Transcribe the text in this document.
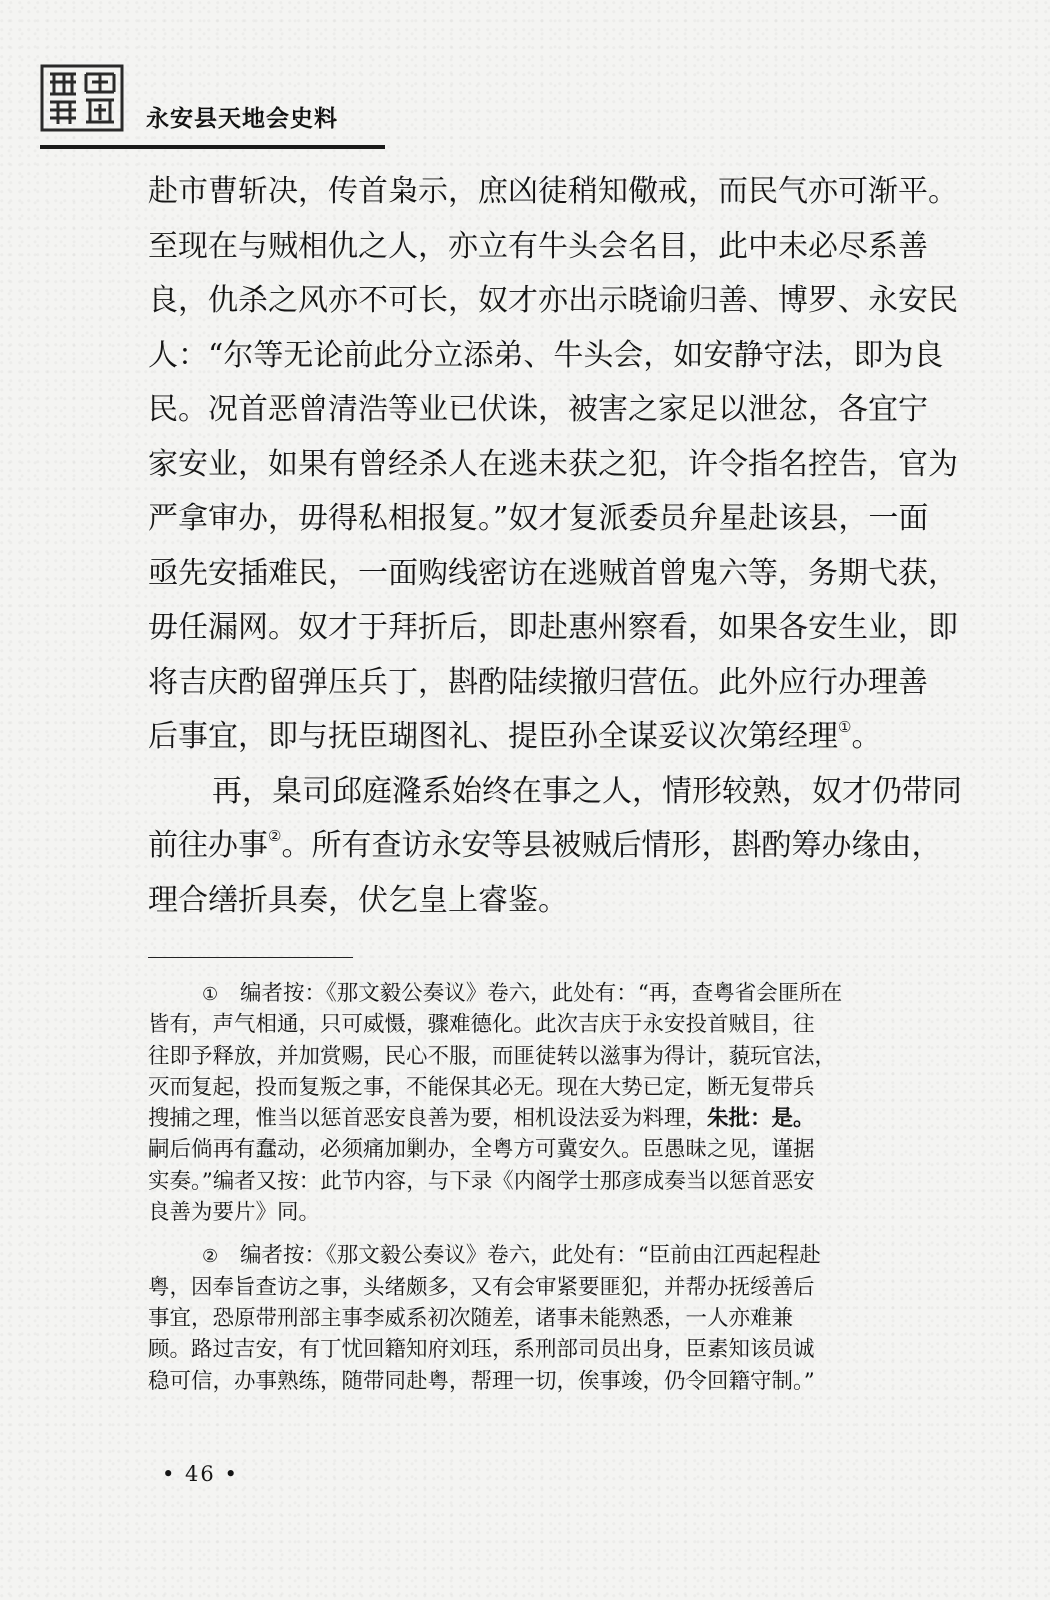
永安县天地会史料
赴市曹斩决，传首枭示，庶凶徒稍知儆戒，而民气亦可渐平。
至现在与贼相仇之人，亦立有牛头会名目，此中未必尽系善
良，仇杀之风亦不可长，奴才亦出示晓谕归善、博罗、永安民
人：“尔等无论前此分立添弟、牛头会，如安静守法，即为良
民。况首恶曾清浩等业已伏诛，被害之家足以泄忿，各宜宁
家安业，如果有曾经杀人在逃未获之犯，许令指名控告，官为
严拿审办，毋得私相报复。”奴才复派委员弁星赴该县，一面
亟先安插难民，一面购线密访在逃贼首曾鬼六等，务期弋获，
毋任漏网。奴才于拜折后，即赴惠州察看，如果各安生业，即
将吉庆酌留弹压兵丁，斟酌陆续撤归营伍。此外应行办理善
后事宜，即与抚臣瑚图礼、提臣孙全谋妥议次第经理①。
再，臬司邱庭漋系始终在事之人，情形较熟，奴才仍带同
前往办事②。所有查访永安等县被贼后情形，斟酌筹办缘由，
理合缮折具奏，伏乞皇上睿鉴。
① 编者按：《那文毅公奏议》卷六，此处有：“再，查粤省会匪所在
皆有，声气相通，只可威慑，骤难德化。此次吉庆于永安投首贼目，往
往即予释放，并加赏赐，民心不服，而匪徒转以滋事为得计，藐玩官法，
灭而复起，投而复叛之事，不能保其必无。现在大势已定，断无复带兵
搜捕之理，惟当以惩首恶安良善为要，相机设法妥为料理，朱批：是。
嗣后倘再有蠢动，必须痛加剿办，全粤方可冀安久。臣愚昧之见，谨据
实奏。”编者又按：此节内容，与下录《内阁学士那彦成奏当以惩首恶安
良善为要片》同。
② 编者按：《那文毅公奏议》卷六，此处有：“臣前由江西起程赴
粤，因奉旨查访之事，头绪颇多，又有会审紧要匪犯，并帮办抚绥善后
事宜，恐原带刑部主事李威系初次随差，诸事未能熟悉，一人亦难兼
顾。路过吉安，有丁忧回籍知府刘珏，系刑部司员出身，臣素知该员诚
稳可信，办事熟练，随带同赴粤，帮理一切，俟事竣，仍令回籍守制。”
• 46 •
